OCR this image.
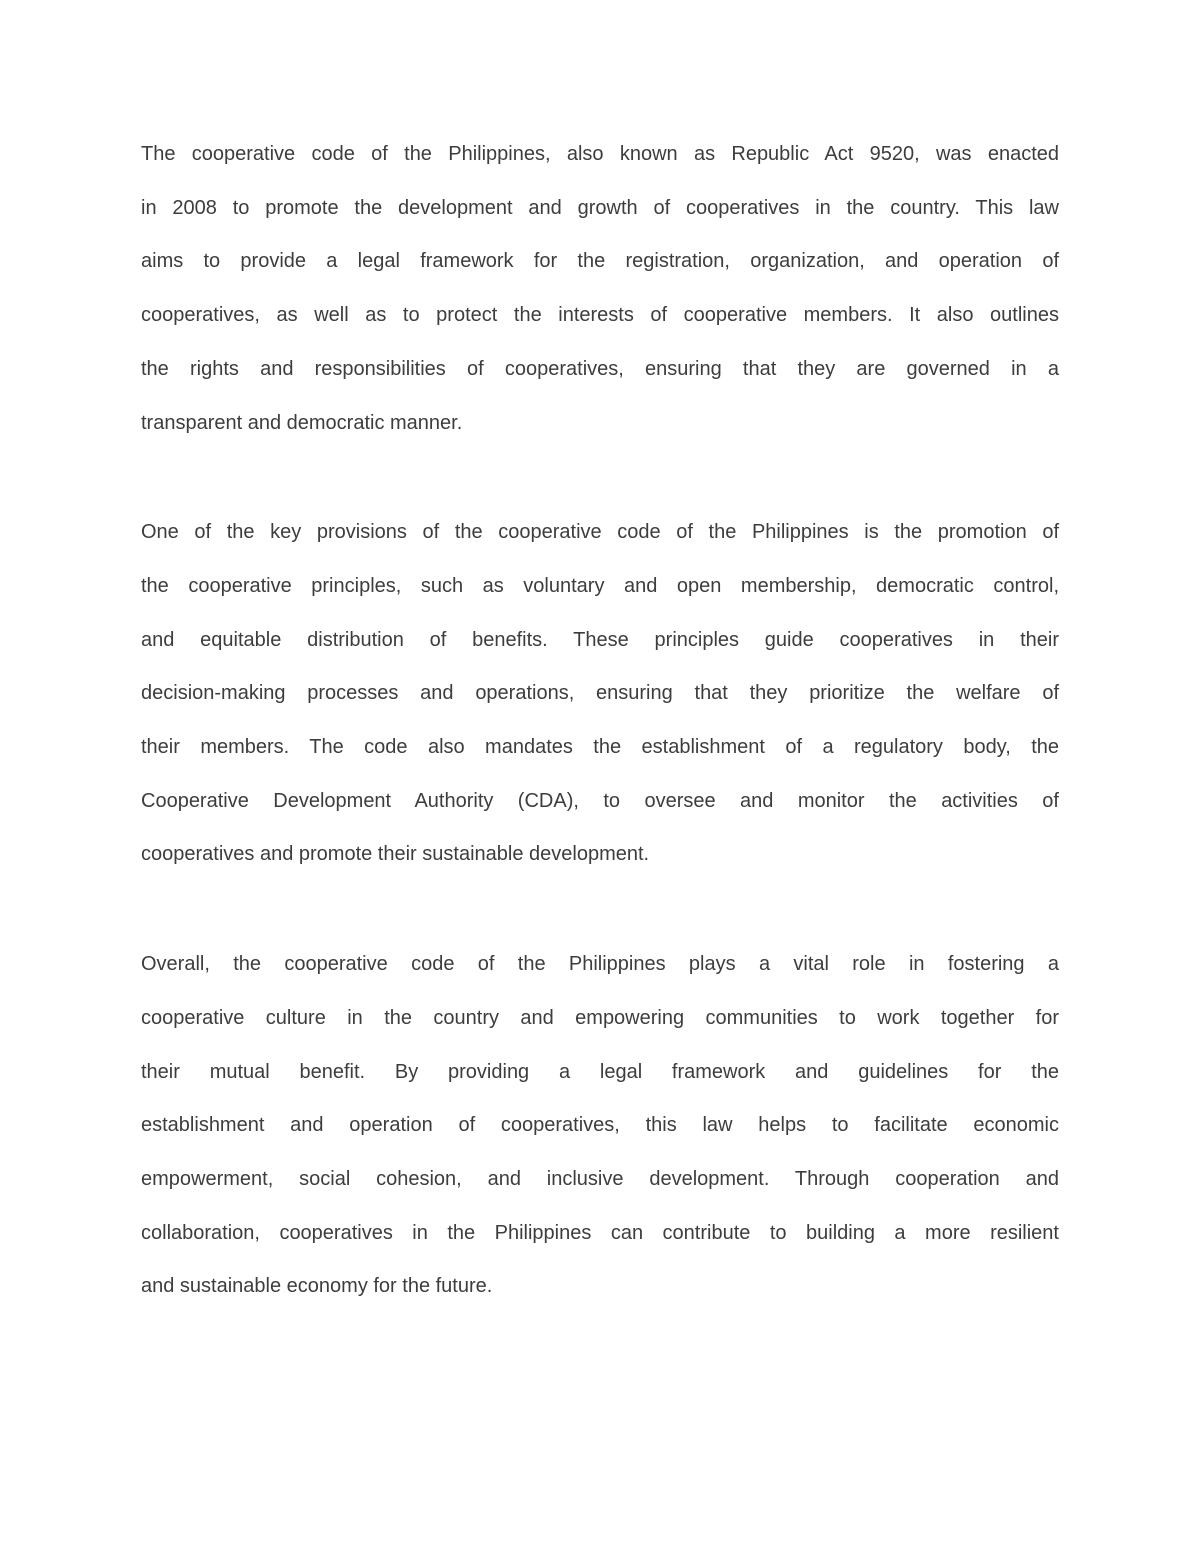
The cooperative code of the Philippines, also known as Republic Act 9520, was enacted
in 2008 to promote the development and growth of cooperatives in the country. This law
aims to provide a legal framework for the registration, organization, and operation of
cooperatives, as well as to protect the interests of cooperative members. It also outlines
the rights and responsibilities of cooperatives, ensuring that they are governed in a
transparent and democratic manner.
One of the key provisions of the cooperative code of the Philippines is the promotion of
the cooperative principles, such as voluntary and open membership, democratic control,
and equitable distribution of benefits. These principles guide cooperatives in their
decision-making processes and operations, ensuring that they prioritize the welfare of
their members. The code also mandates the establishment of a regulatory body, the
Cooperative Development Authority (CDA), to oversee and monitor the activities of
cooperatives and promote their sustainable development.
Overall, the cooperative code of the Philippines plays a vital role in fostering a
cooperative culture in the country and empowering communities to work together for
their mutual benefit. By providing a legal framework and guidelines for the
establishment and operation of cooperatives, this law helps to facilitate economic
empowerment, social cohesion, and inclusive development. Through cooperation and
collaboration, cooperatives in the Philippines can contribute to building a more resilient
and sustainable economy for the future.
